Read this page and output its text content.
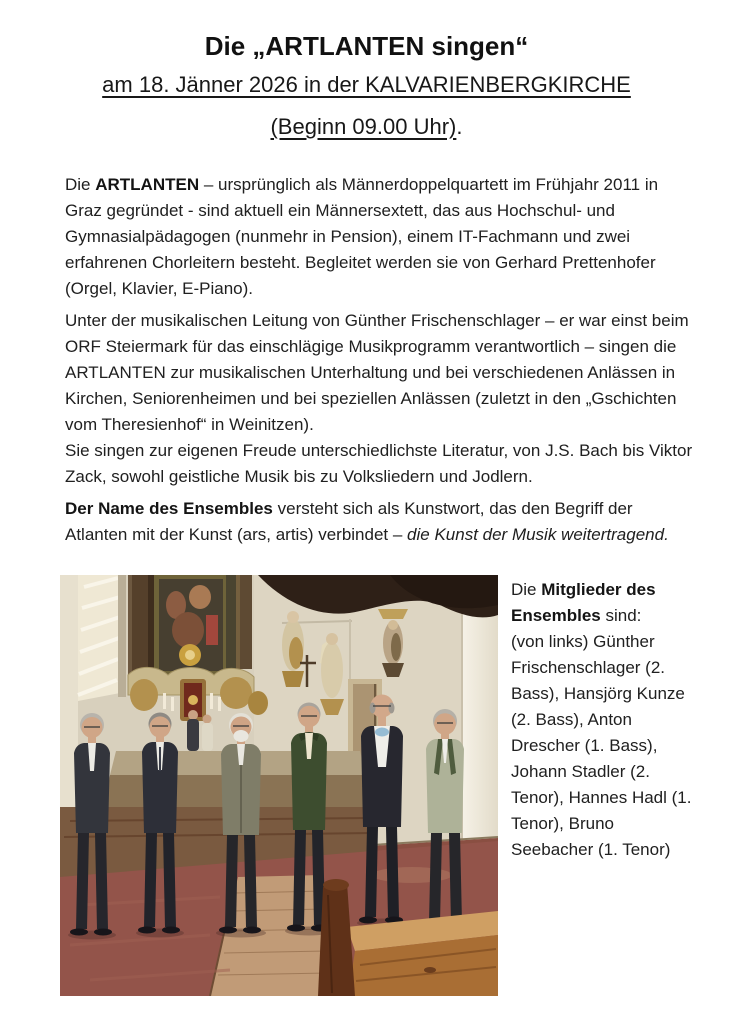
Die „ARTLANTEN singen“
am 18. Jänner 2026 in der KALVARIENBERGKIRCHE
(Beginn 09.00 Uhr).

Die ARTLANTEN – ursprünglich als Männerdoppelquartett im Frühjahr 2011 in Graz gegründet - sind aktuell ein Männersextett, das aus Hochschul- und Gymnasialpädagogen (nunmehr in Pension), einem IT-Fachmann und zwei erfahrenen Chorleitern besteht. Begleitet werden sie von Gerhard Prettenhofer (Orgel, Klavier, E-Piano).

Unter der musikalischen Leitung von Günther Frischenschlager – er war einst beim ORF Steiermark für das einschlägige Musikprogramm verantwortlich – singen die ARTLANTEN zur musikalischen Unterhaltung und bei verschiedenen Anlässen in Kirchen, Seniorenheimen und bei speziellen Anlässen (zuletzt in den „Gschichten vom Theresienhof“ in Weinitzen).
Sie singen zur eigenen Freude unterschiedlichste Literatur, von J.S. Bach bis Viktor Zack, sowohl geistliche Musik bis zu Volksliedern und Jodlern.

Der Name des Ensembles versteht sich als Kunstwort, das den Begriff der Atlanten mit der Kunst (ars, artis) verbindet – die Kunst der Musik weitertragend.

Die Mitglieder des Ensembles sind:
(von links) Günther Frischenschlager (2. Bass), Hansjörg Kunze (2. Bass), Anton Drescher (1. Bass), Johann Stadler (2. Tenor), Hannes Hadl (1. Tenor), Bruno Seebacher (1. Tenor)
